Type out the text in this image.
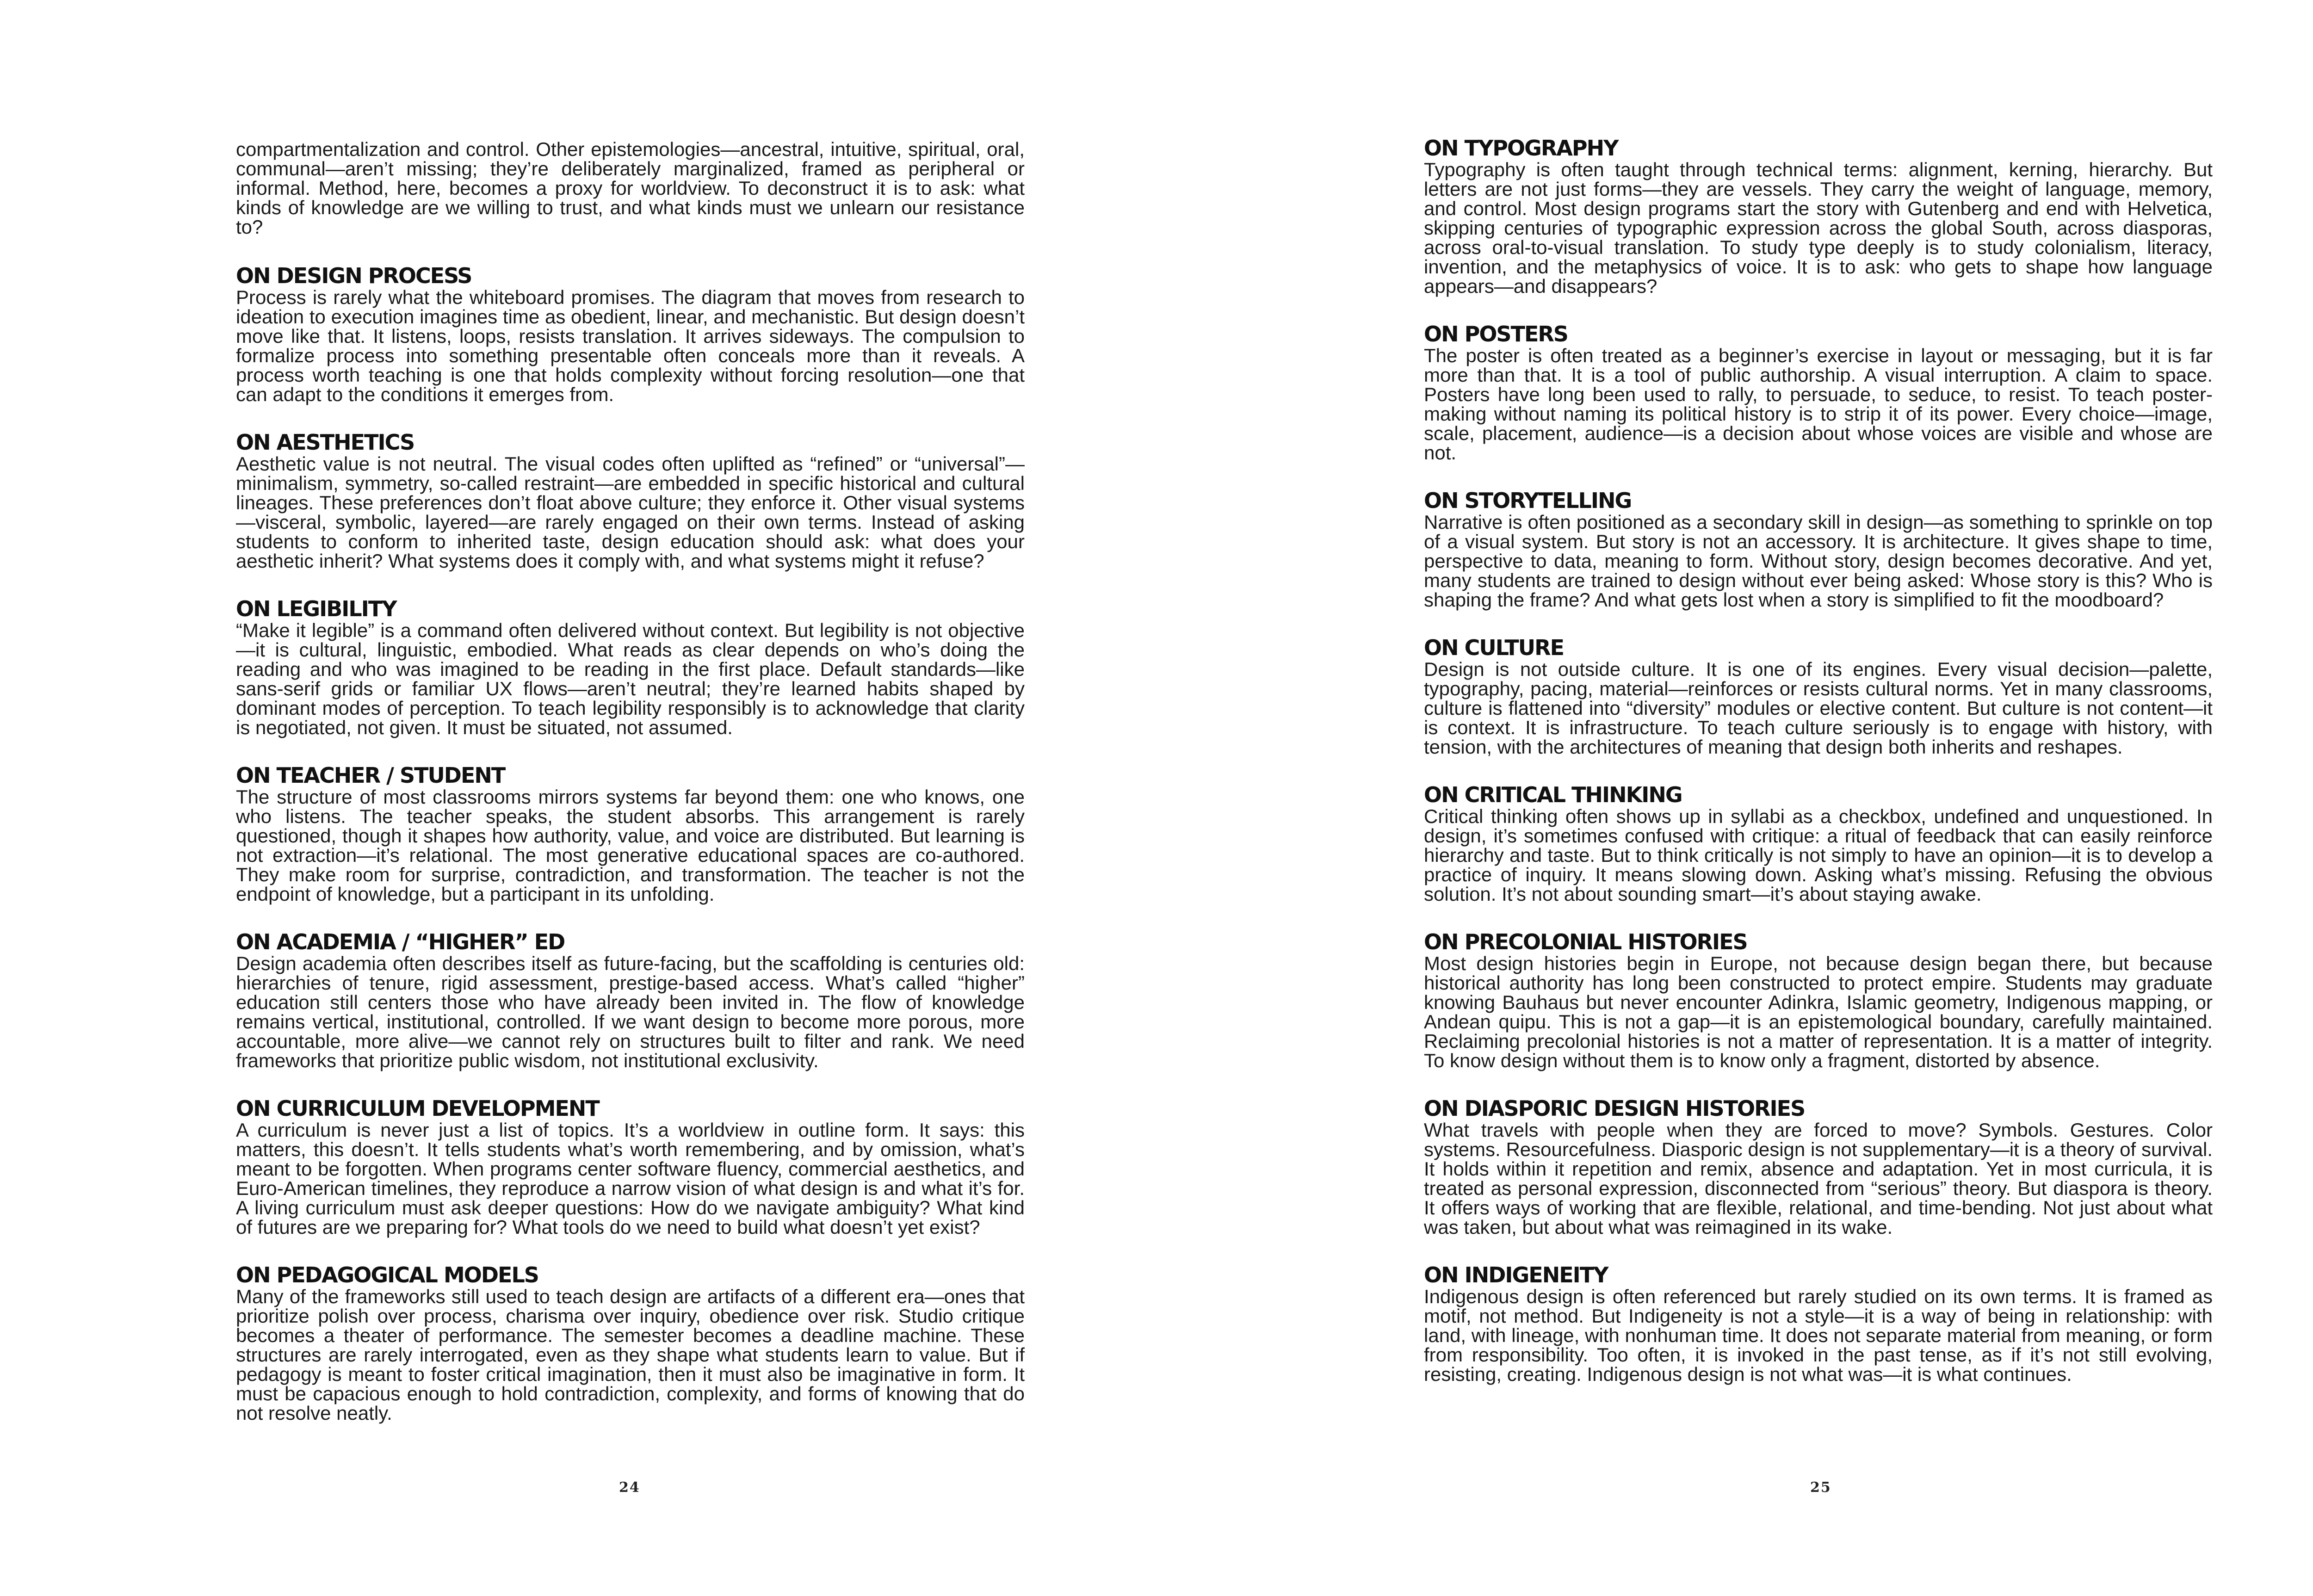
compartmentalization and control. Other epistemologies—ancestral, intuitive, spiritual, oral, communal—aren’t missing; they’re deliberately marginalized, framed as peripheral or informal. Method, here, becomes a proxy for worldview. To deconstruct it is to ask: what kinds of knowledge are we willing to trust, and what kinds must we unlearn our resistance to?

ON DESIGN PROCESS

Process is rarely what the whiteboard promises. The diagram that moves from research to ideation to execution imagines time as obedient, linear, and mechanistic. But design doesn’t move like that. It listens, loops, resists translation. It arrives sideways. The compulsion to formalize process into something presentable often conceals more than it reveals. A process worth teaching is one that holds complexity without forcing resolution—one that can adapt to the conditions it emerges from.

ON AESTHETICS

Aesthetic value is not neutral. The visual codes often uplifted as “refined” or “universal”—minimalism, symmetry, so-called restraint—are embedded in specific historical and cultural lineages. These preferences don’t float above culture; they enforce it. Other visual systems—visceral, symbolic, layered—are rarely engaged on their own terms. Instead of asking students to conform to inherited taste, design education should ask: what does your aesthetic inherit? What systems does it comply with, and what systems might it refuse?

ON LEGIBILITY

“Make it legible” is a command often delivered without context. But legibility is not objective—it is cultural, linguistic, embodied. What reads as clear depends on who’s doing the reading and who was imagined to be reading in the first place. Default standards—like sans-serif grids or familiar UX flows—aren’t neutral; they’re learned habits shaped by dominant modes of perception. To teach legibility responsibly is to acknowledge that clarity is negotiated, not given. It must be situated, not assumed.

ON TEACHER / STUDENT

The structure of most classrooms mirrors systems far beyond them: one who knows, one who listens. The teacher speaks, the student absorbs. This arrangement is rarely questioned, though it shapes how authority, value, and voice are distributed. But learning is not extraction—it’s relational. The most generative educational spaces are co-authored. They make room for surprise, contradiction, and transformation. The teacher is not the endpoint of knowledge, but a participant in its unfolding.

ON ACADEMIA / “HIGHER” ED

Design academia often describes itself as future-facing, but the scaffolding is centuries old: hierarchies of tenure, rigid assessment, prestige-based access. What’s called “higher” education still centers those who have already been invited in. The flow of knowledge remains vertical, institutional, controlled. If we want design to become more porous, more accountable, more alive—we cannot rely on structures built to filter and rank. We need frameworks that prioritize public wisdom, not institutional exclusivity.

ON CURRICULUM DEVELOPMENT

A curriculum is never just a list of topics. It’s a worldview in outline form. It says: this matters, this doesn’t. It tells students what’s worth remembering, and by omission, what’s meant to be forgotten. When programs center software fluency, commercial aesthetics, and Euro-American timelines, they reproduce a narrow vision of what design is and what it’s for. A living curriculum must ask deeper questions: How do we navigate ambiguity? What kind of futures are we preparing for? What tools do we need to build what doesn’t yet exist?

ON PEDAGOGICAL MODELS

Many of the frameworks still used to teach design are artifacts of a different era—ones that prioritize polish over process, charisma over inquiry, obedience over risk. Studio critique becomes a theater of performance. The semester becomes a deadline machine. These structures are rarely interrogated, even as they shape what students learn to value. But if pedagogy is meant to foster critical imagination, then it must also be imaginative in form. It must be capacious enough to hold contradiction, complexity, and forms of knowing that do not resolve neatly.

24
ON TYPOGRAPHY

Typography is often taught through technical terms: alignment, kerning, hierarchy. But letters are not just forms—they are vessels. They carry the weight of language, memory, and control. Most design programs start the story with Gutenberg and end with Helvetica, skipping centuries of typographic expression across the global South, across diasporas, across oral-to-visual translation. To study type deeply is to study colonialism, literacy, invention, and the metaphysics of voice. It is to ask: who gets to shape how language appears—and disappears?

ON POSTERS

The poster is often treated as a beginner’s exercise in layout or messaging, but it is far more than that. It is a tool of public authorship. A visual interruption. A claim to space. Posters have long been used to rally, to persuade, to seduce, to resist. To teach poster-making without naming its political history is to strip it of its power. Every choice—image, scale, placement, audience—is a decision about whose voices are visible and whose are not.

ON STORYTELLING

Narrative is often positioned as a secondary skill in design—as something to sprinkle on top of a visual system. But story is not an accessory. It is architecture. It gives shape to time, perspective to data, meaning to form. Without story, design becomes decorative. And yet, many students are trained to design without ever being asked: Whose story is this? Who is shaping the frame? And what gets lost when a story is simplified to fit the moodboard?

ON CULTURE

Design is not outside culture. It is one of its engines. Every visual decision—palette, typography, pacing, material—reinforces or resists cultural norms. Yet in many classrooms, culture is flattened into “diversity” modules or elective content. But culture is not content—it is context. It is infrastructure. To teach culture seriously is to engage with history, with tension, with the architectures of meaning that design both inherits and reshapes.

ON CRITICAL THINKING

Critical thinking often shows up in syllabi as a checkbox, undefined and unquestioned. In design, it’s sometimes confused with critique: a ritual of feedback that can easily reinforce hierarchy and taste. But to think critically is not simply to have an opinion—it is to develop a practice of inquiry. It means slowing down. Asking what’s missing. Refusing the obvious solution. It’s not about sounding smart—it’s about staying awake.

ON PRECOLONIAL HISTORIES

Most design histories begin in Europe, not because design began there, but because historical authority has long been constructed to protect empire. Students may graduate knowing Bauhaus but never encounter Adinkra, Islamic geometry, Indigenous mapping, or Andean quipu. This is not a gap—it is an epistemological boundary, carefully maintained. Reclaiming precolonial histories is not a matter of representation. It is a matter of integrity. To know design without them is to know only a fragment, distorted by absence.

ON DIASPORIC DESIGN HISTORIES

What travels with people when they are forced to move? Symbols. Gestures. Color systems. Resourcefulness. Diasporic design is not supplementary—it is a theory of survival. It holds within it repetition and remix, absence and adaptation. Yet in most curricula, it is treated as personal expression, disconnected from “serious” theory. But diaspora is theory. It offers ways of working that are flexible, relational, and time-bending. Not just about what was taken, but about what was reimagined in its wake.

ON INDIGENEITY

Indigenous design is often referenced but rarely studied on its own terms. It is framed as motif, not method. But Indigeneity is not a style—it is a way of being in relationship: with land, with lineage, with nonhuman time. It does not separate material from meaning, or form from responsibility. Too often, it is invoked in the past tense, as if it’s not still evolving, resisting, creating. Indigenous design is not what was—it is what continues.

25
